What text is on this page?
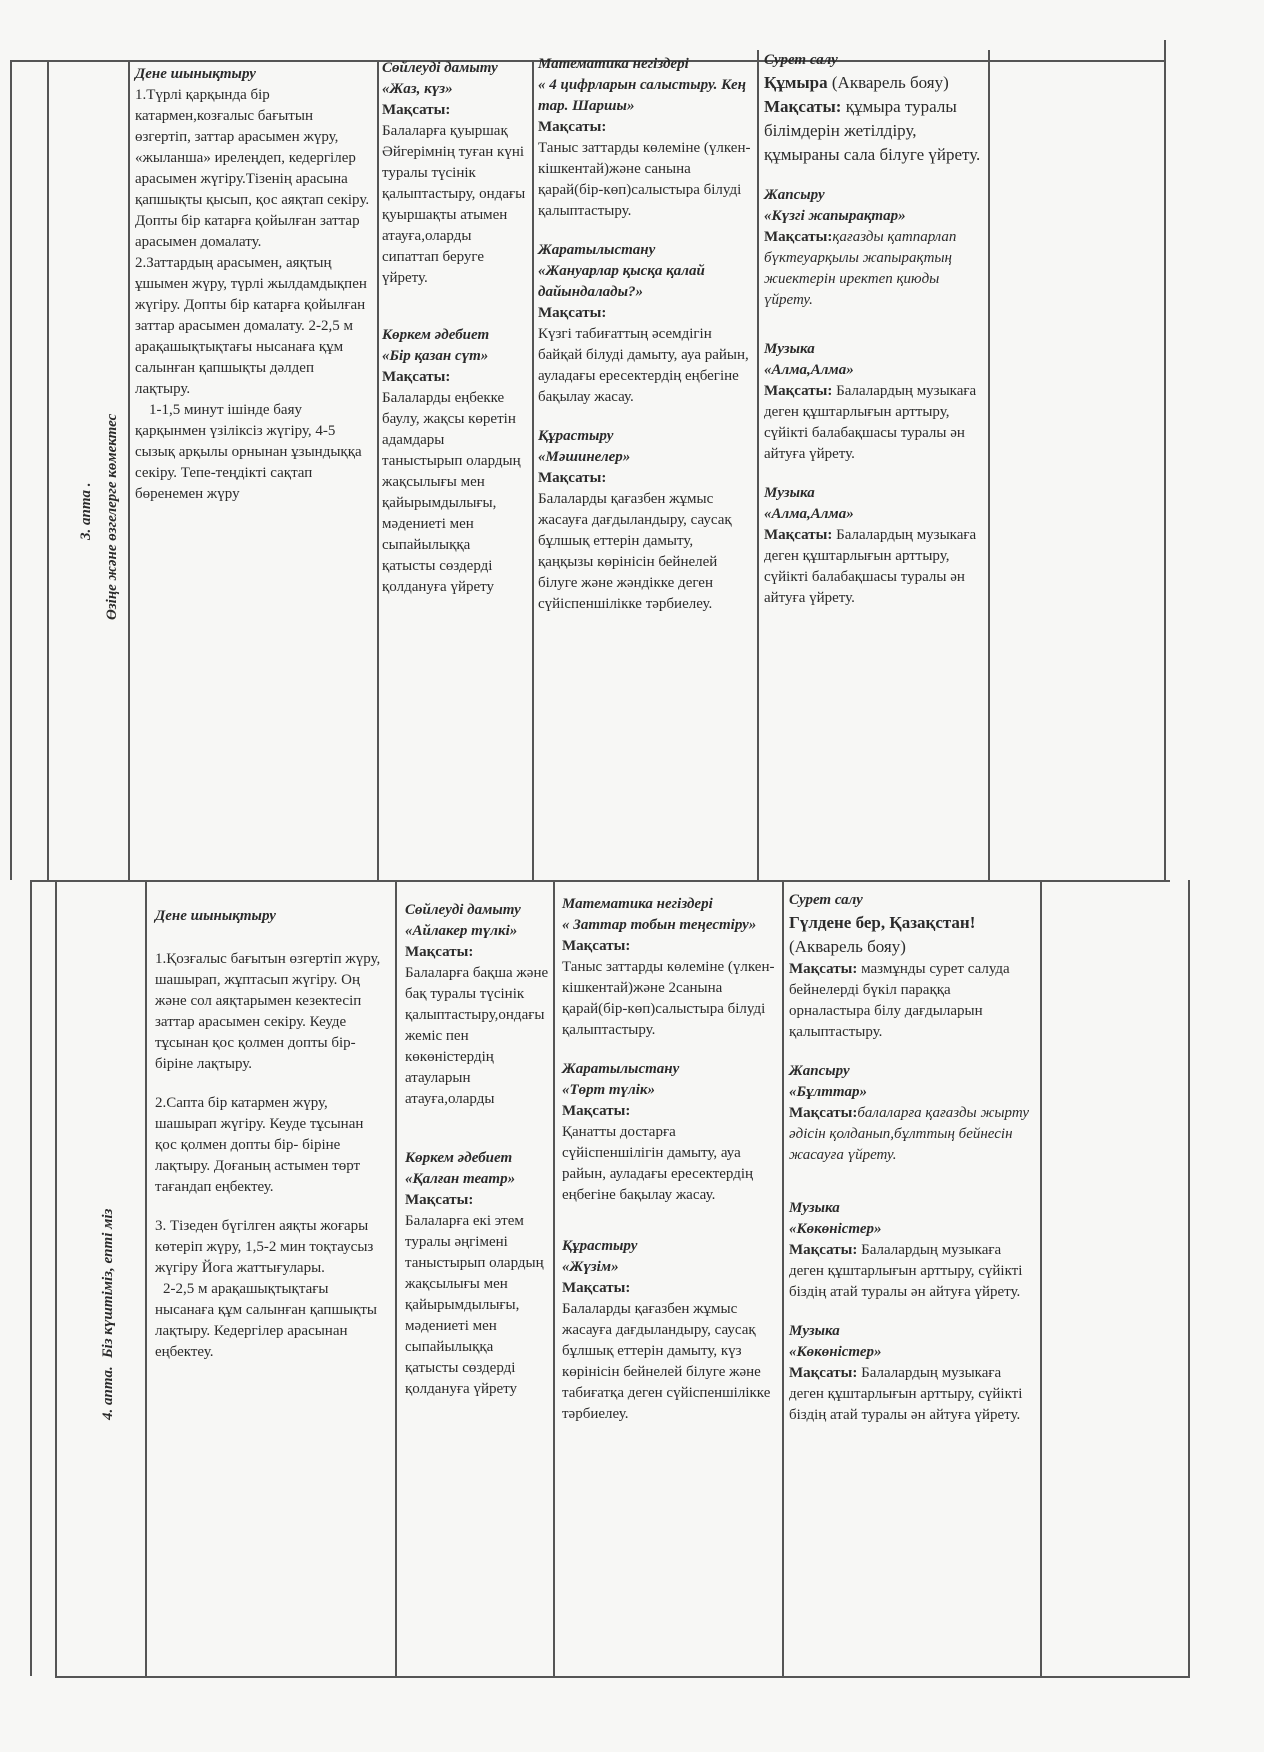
3. апта . Өзіңе және өзгелерге көмектес

Дене шынықтыру

1.Түрлі қарқында бір катармен,козғалыс бағытын өзгертіп, заттар арасымен жүру, «жыланша» ирелеңдеп, кедергілер арасымен жүгіру.Тізенің арасына қапшықты қысып, қос аяқтап секіру. Допты бір катарға қойылған заттар арасымен домалату.

2.Заттардың арасымен, аяқтың ұшымен жүру, түрлі жылдамдықпен жүгіру. Допты бір катарға қойылған заттар арасымен домалату. 2-2,5 м арақашықтықтағы нысанаға құм салынған қапшықты дәлдеп лақтыру.

1-1,5 минут ішінде баяу қарқынмен үзіліксіз жүгіру, 4-5 сызық арқылы орнынан ұзындыққа секіру. Тепе-теңдікті сақтап бөренемен жүру

Сөйлеуді дамыту

«Жаз, күз»

Мақсаты:

Балаларға қуыршақ Әйгерімнің туған күні туралы түсінік қалыптастыру, ондағы қуыршақты атымен атауға,оларды сипаттап беруге үйрету.

Көркем әдебиет

«Бір қазан сүт»

Мақсаты:

Балаларды еңбекке баулу, жақсы көретін адамдары таныстырып олардың жақсылығы мен қайырымдылығы, мәдениеті мен сыпайылыққа қатысты сөздерді қолдануға үйрету

Математика негіздері

« 4 цифрларын салыстыру. Кең тар. Шаршы»

Мақсаты:

Таныс заттарды көлеміне (үлкен-кішкентай)және санына қарай(бір-көп)салыстыра білуді қалыптастыру.

Жаратылыстану

«Жануарлар қысқа қалай дайындалады?»

Мақсаты:

Күзгі табиғаттың әсемдігін байқай білуді дамыту, ауа райын, ауладағы ересектердің еңбегіне бақылау жасау.

Құрастыру

«Мәшинелер»

Мақсаты:

Балаларды қағазбен жұмыс жасауға дағдыландыру, саусақ бұлшық еттерін дамыту, қаңқызы көрінісін бейнелей білуге және жәндікке деген сүйіспеншілікке тәрбиелеу.

Сурет салу

Құмыра (Акварель бояу)

Мақсаты: құмыра туралы білімдерін жетілдіру, құмыраны сала білуге үйрету.

Жапсыру

«Күзгі жапырақтар»

Мақсаты:қағазды қатпарлап бүктеуарқылы жапырақтың жиектерін иректеп қиюды үйрету.

Музыка

«Алма,Алма»

Мақсаты: Балалардың музыкаға деген құштарлығын арттыру, сүйікті балабақшасы туралы ән айтуға үйрету.

Музыка

«Алма,Алма»

Мақсаты: Балалардың музыкаға деген құштарлығын арттыру, сүйікті балабақшасы туралы ән айтуға үйрету.

4. апта.
Біз күштіміз, епті міз

Дене шынықтыру

1.Қозғалыс бағытын өзгертіп жүру, шашырап, жұптасып жүгіру. Оң және сол аяқтарымен кезектесіп заттар арасымен секіру. Кеуде тұсынан қос қолмен допты бір- біріне лақтыру.

2.Сапта бір катармен жүру, шашырап жүгіру. Кеуде тұсынан қос қолмен допты бір- біріне лақтыру. Доғаның астымен төрт тағандап еңбектеу.

3. Тізеден бүгілген аяқты жоғары көтеріп жүру, 1,5-2 мин тоқтаусыз жүгіру Йога жаттығулары.

2-2,5 м арақашықтықтағы нысанаға құм салынған қапшықты лақтыру. Кедергілер арасынан еңбектеу.

Сөйлеуді дамыту

«Айлакер түлкі»

Мақсаты:

Балаларға бақша және бақ туралы түсінік қалыптастыру,ондағы жеміс пен көкөністердің атауларын атауға,оларды

Көркем әдебиет

«Қалған театр»

Мақсаты:

Балаларға екі этем туралы әңгімені таныстырып олардың жақсылығы мен қайырымдылығы, мәдениеті мен сыпайылыққа қатысты сөздерді қолдануға үйрету

Математика негіздері

« Заттар тобын теңестіру»

Мақсаты:

Таныс заттарды көлеміне (үлкен-кішкентай)және 2санына қарай(бір-көп)салыстыра білуді қалыптастыру.

Жаратылыстану

«Төрт түлік»

Мақсаты:

Қанатты достарға сүйіспеншілігін дамыту, ауа райын, ауладағы ересектердің еңбегіне бақылау жасау.

Құрастыру

«Жүзім»

Мақсаты:

Балаларды қағазбен жұмыс жасауға дағдыландыру, саусақ бұлшық еттерін дамыту, күз көрінісін бейнелей білуге және табиғатқа деген сүйіспеншілікке тәрбиелеу.

Сурет салу

Гүлдене бер, Қазақстан! (Акварель бояу)

Мақсаты: мазмұнды сурет салуда бейнелерді бүкіл параққа орналастыра білу дағдыларын қалыптастыру.

Жапсыру

«Бұлттар»

Мақсаты:балаларға қағазды жырту әдісін қолданып,бұлттың бейнесін жасауға үйрету.

Музыка

«Көкөністер»

Мақсаты: Балалардың музыкаға деген құштарлығын арттыру, сүйікті біздің атай туралы ән айтуға үйрету.

Музыка

«Көкөністер»

Мақсаты: Балалардың музыкаға деген құштарлығын арттыру, сүйікті біздің атай туралы ән айтуға үйрету.
